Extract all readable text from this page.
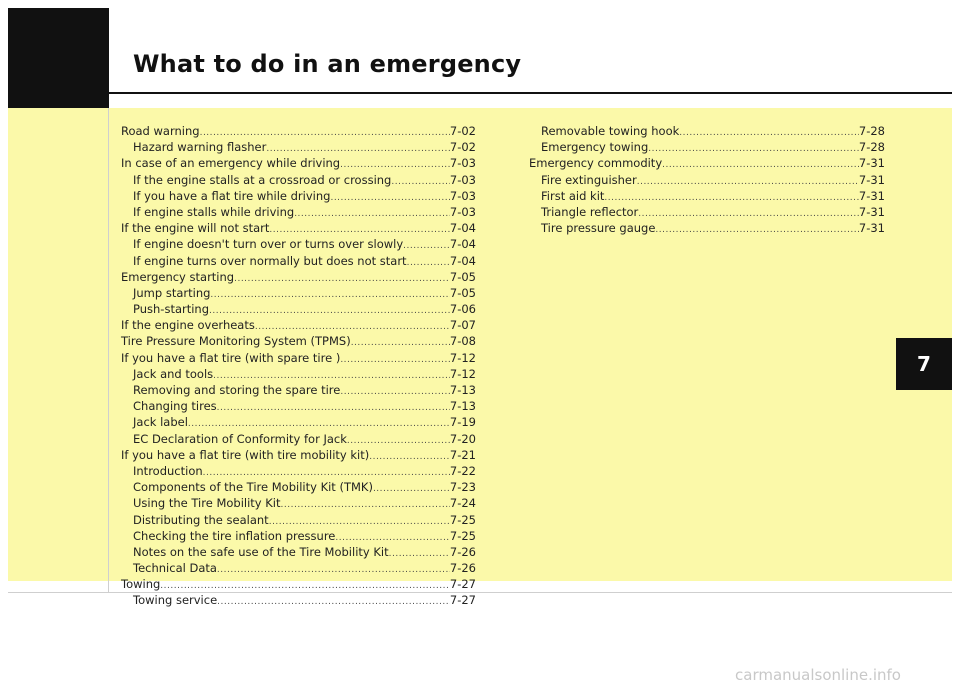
What to do in an emergency
7
Road warning .....	7-02
Hazard warning flasher .....	7-02
In case of an emergency while driving .....	7-03
If the engine stalls at a crossroad or crossing .....	7-03
If you have a flat tire while driving .....	7-03
If engine stalls while driving .....	7-03
If the engine will not start .....	7-04
If engine doesn't turn over or turns over slowly .....	7-04
If engine turns over normally but does not start .....	7-04
Emergency starting .....	7-05
Jump starting .....	7-05
Push-starting .....	7-06
If the engine overheats .....	7-07
Tire Pressure Monitoring System (TPMS) .....	7-08
If you have a flat tire (with spare tire ) .....	7-12
Jack and tools .....	7-12
Removing and storing the spare tire .....	7-13
Changing tires .....	7-13
Jack label .....	7-19
EC Declaration of Conformity for Jack .....	7-20
If you have a flat tire (with tire mobility kit) .....	7-21
Introduction .....	7-22
Components of the Tire Mobility Kit (TMK) .....	7-23
Using the Tire Mobility Kit .....	7-24
Distributing the sealant .....	7-25
Checking the tire inflation pressure .....	7-25
Notes on the safe use of the Tire Mobility Kit .....	7-26
Technical Data .....	7-26
Towing .....	7-27
Towing service .....	7-27
Removable towing hook .....	7-28
Emergency towing .....	7-28
Emergency commodity .....	7-31
Fire extinguisher .....	7-31
First aid kit .....	7-31
Triangle reflector .....	7-31
Tire pressure gauge .....	7-31
carmanualsonline.info
